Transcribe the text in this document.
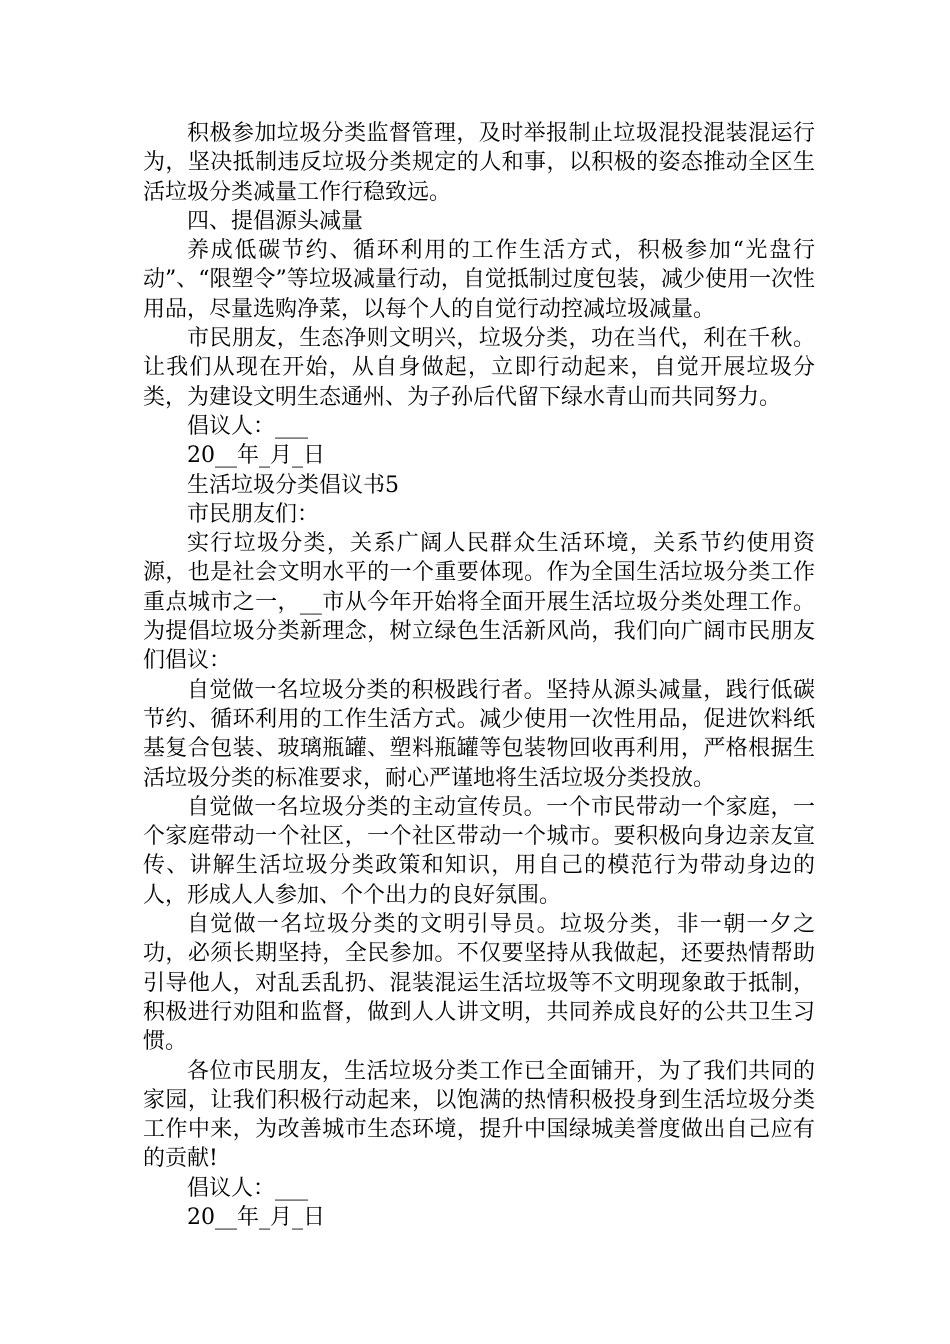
积极参加垃圾分类监督管理，及时举报制止垃圾混投混装混运行为，坚决抵制违反垃圾分类规定的人和事，以积极的姿态推动全区生活垃圾分类减量工作行稳致远。

四、提倡源头减量

养成低碳节约、循环利用的工作生活方式，积极参加“光盘行动”、“限塑令”等垃圾减量行动，自觉抵制过度包装，减少使用一次性用品，尽量选购净菜，以每个人的自觉行动控减垃圾减量。

市民朋友，生态净则文明兴，垃圾分类，功在当代，利在千秋。让我们从现在开始，从自身做起，立即行动起来，自觉开展垃圾分类，为建设文明生态通州、为子孙后代留下绿水青山而共同努力。

倡议人：___

20__年_月_日

生活垃圾分类倡议书5

市民朋友们：

实行垃圾分类，关系广阔人民群众生活环境，关系节约使用资源，也是社会文明水平的一个重要体现。作为全国生活垃圾分类工作重点城市之一，__市从今年开始将全面开展生活垃圾分类处理工作。为提倡垃圾分类新理念，树立绿色生活新风尚，我们向广阔市民朋友们倡议：

自觉做一名垃圾分类的积极践行者。坚持从源头减量，践行低碳节约、循环利用的工作生活方式。减少使用一次性用品，促进饮料纸基复合包装、玻璃瓶罐、塑料瓶罐等包装物回收再利用，严格根据生活垃圾分类的标准要求，耐心严谨地将生活垃圾分类投放。

自觉做一名垃圾分类的主动宣传员。一个市民带动一个家庭，一个家庭带动一个社区，一个社区带动一个城市。要积极向身边亲友宣传、讲解生活垃圾分类政策和知识，用自己的模范行为带动身边的人，形成人人参加、个个出力的良好氛围。

自觉做一名垃圾分类的文明引导员。垃圾分类，非一朝一夕之功，必须长期坚持，全民参加。不仅要坚持从我做起，还要热情帮助引导他人，对乱丢乱扔、混装混运生活垃圾等不文明现象敢于抵制，积极进行劝阻和监督，做到人人讲文明，共同养成良好的公共卫生习惯。

各位市民朋友，生活垃圾分类工作已全面铺开，为了我们共同的家园，让我们积极行动起来，以饱满的热情积极投身到生活垃圾分类工作中来，为改善城市生态环境，提升中国绿城美誉度做出自己应有的贡献!

倡议人：___

20__年_月_日
